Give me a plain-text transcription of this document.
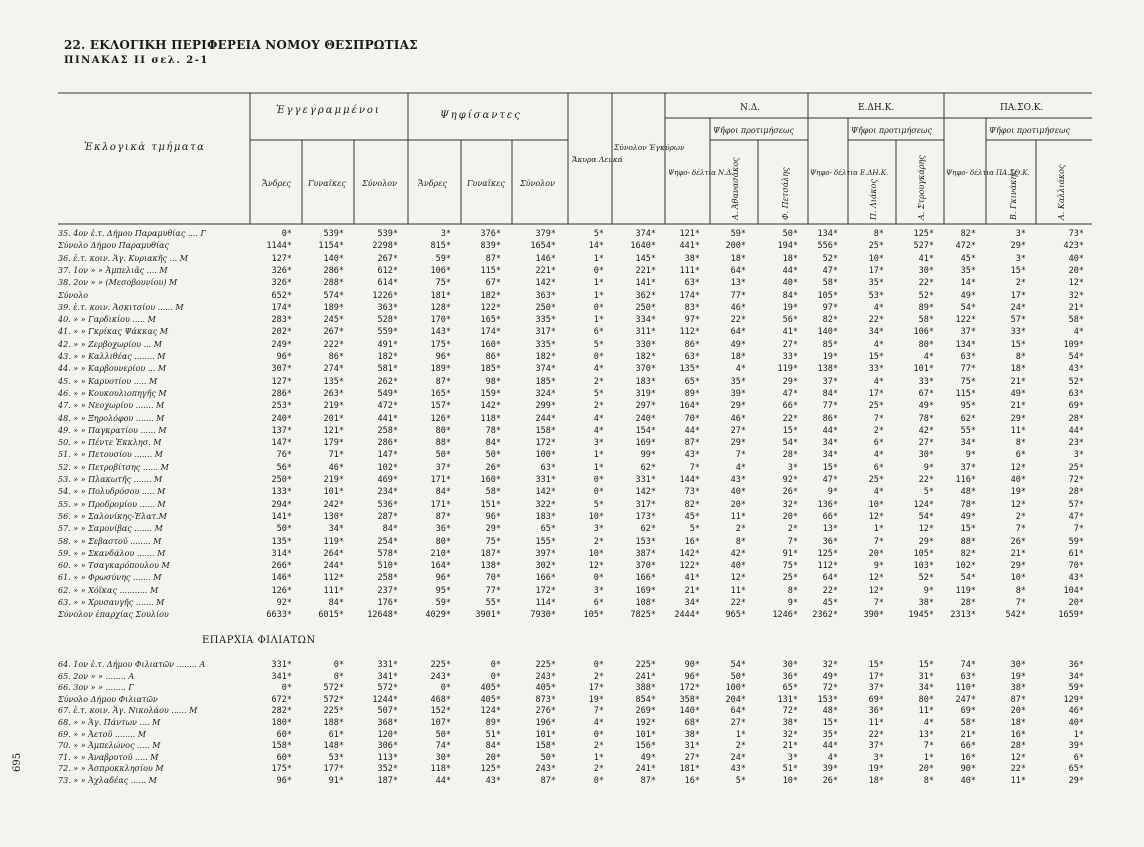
22. ΕΚΛΟΓΙΚΗ ΠΕΡΙΦΕΡΕΙΑ ΝΟΜΟΥ ΘΕΣΠΡΩΤΙΑΣ
ΠΙΝΑΚΑΣ ΙΙ σελ. 2-1
695
Ἐκλογικὰ τμήματα
Ἐγγεγραμμένοι	Ψηφίσαντες
Ἄνδρες Γυναῖκες Σύνολον	Ἄνδρες Γυναῖκες Σύνολον
Ἄκυρα Λευκά
Σύνολον Ἐγκύρων
Ν.Δ.	Ε.ΔΗ.Κ.	ΠΑ.ΣΟ.Κ.
Ψηφο- δέλτια Ν.Δ.	Ψηφο- δέλτια Ε.ΔΗ.Κ.	Ψηφο- δέλτια ΠΑ.ΣΟ.Κ.
Ψῆφοι προτιμήσεως	Ψῆφοι προτιμήσεως	Ψῆφοι προτιμήσεως
Α. Ἀθανασάκος	Φ. Πετσάλης	Π. Λιάκος	Α. Στρουγκάρης	Β. Γκινάκης	Α. Καλλιάκος
ΕΠΑΡΧΙΑ ΦΙΛΙΑΤΩΝ
35. 4ον ἐ.τ. Δήμου Παραμυθίας .... Γ	0*	539*	539*	3*	376*	379*	5*	374*	121*	59*	50*	134*	8*	125*	82*	3*	73*
Σύνολο Δήμου Παραμυθίας	1144*	1154*	2298*	815*	839*	1654*	14*	1640*	441*	200*	194*	556*	25*	527*	472*	29*	423*
36. ἐ.τ. κοιν. Ἁγ. Κυριακῆς ... Μ	127*	140*	267*	59*	87*	146*	1*	145*	38*	18*	18*	52*	10*	41*	45*	3*	40*
37. 1ον » » Ἀμπελιᾶς .... Μ	326*	286*	612*	106*	115*	221*	0*	221*	111*	64*	44*	47*	17*	30*	35*	15*	20*
38. 2ον » » (Μεσοβουνίου) Μ	326*	288*	614*	75*	67*	142*	1*	141*	63*	13*	40*	58*	35*	22*	14*	2*	12*
Σύνολο	652*	574*	1226*	181*	182*	363*	1*	362*	174*	77*	84*	105*	53*	52*	49*	17*	32*
39. ἐ.τ. κοιν. Ἀσκιτσίου ...... Μ	174*	189*	363*	128*	122*	250*	0*	250*	83*	46*	19*	97*	4*	89*	54*	24*	21*
40. » » Γαρδικίου ..... Μ	283*	245*	528*	170*	165*	335*	1*	334*	97*	22*	56*	82*	22*	58*	122*	57*	58*
41. » » Γκρίκας Ψάκκας Μ	202*	267*	559*	143*	174*	317*	6*	311*	112*	64*	41*	140*	34*	106*	37*	33*	4*
42. » » Ζερβοχωρίου ... Μ	249*	222*	491*	175*	160*	335*	5*	330*	86*	49*	27*	85*	4*	80*	134*	15*	109*
43. » » Καλλιθέας ........ Μ	96*	86*	182*	96*	86*	182*	0*	182*	63*	18*	33*	19*	15*	4*	63*	8*	54*
44. » » Καρβουνερίου ... Μ	307*	274*	581*	189*	185*	374*	4*	370*	135*	4*	119*	138*	33*	101*	77*	18*	43*
45. » » Καρυοτίου ..... Μ	127*	135*	262*	87*	98*	185*	2*	183*	65*	35*	29*	37*	4*	33*	75*	21*	52*
46. » » Κουκουλιοπηγῆς Μ	286*	263*	549*	165*	159*	324*	5*	319*	89*	39*	47*	84*	17*	67*	115*	49*	63*
47. » » Νεοχωρίου ....... Μ	253*	219*	472*	157*	142*	299*	2*	297*	164*	29*	66*	77*	25*	49*	95*	21*	69*
48. » » Ξηρολόφου ....... Μ	240*	201*	441*	126*	118*	244*	4*	240*	70*	46*	22*	86*	7*	78*	62*	29*	28*
49. » » Παγκρατίου ...... Μ	137*	121*	258*	80*	78*	158*	4*	154*	44*	27*	15*	44*	2*	42*	55*	11*	44*
50. » » Πέντε Ἐκκλησ. Μ	147*	179*	286*	88*	84*	172*	3*	169*	87*	29*	54*	34*	6*	27*	34*	8*	23*
51. » » Πετουσίου ....... Μ	76*	71*	147*	50*	50*	100*	1*	99*	43*	7*	28*	34*	4*	30*	9*	6*	3*
52. » » Πετροβίτσης ...... Μ	56*	46*	102*	37*	26*	63*	1*	62*	7*	4*	3*	15*	6*	9*	37*	12*	25*
53. » » Πλακωτῆς ....... Μ	250*	219*	469*	171*	160*	331*	0*	331*	144*	43*	92*	47*	25*	22*	116*	40*	72*
54. » » Πολυδρόσου ..... Μ	133*	101*	234*	84*	58*	142*	0*	142*	73*	40*	26*	9*	4*	5*	48*	19*	28*
55. » » Προδρομίου ...... Μ	294*	242*	536*	171*	151*	322*	5*	317*	82*	20*	32*	136*	10*	124*	78*	12*	57*
56. » » Σαλονίκης-Ἐλατ.Μ	141*	130*	287*	87*	96*	183*	10*	173*	45*	11*	20*	66*	12*	54*	49*	2*	47*
57. » » Σαμονίβας ....... Μ	50*	34*	84*	36*	29*	65*	3*	62*	5*	2*	2*	13*	1*	12*	15*	7*	7*
58. » » Σεβαστοῦ ........ Μ	135*	119*	254*	80*	75*	155*	2*	153*	16*	8*	7*	36*	7*	29*	88*	26*	59*
59. » » Σκανδάλου ....... Μ	314*	264*	578*	210*	187*	397*	10*	387*	142*	42*	91*	125*	20*	105*	82*	21*	61*
60. » » Τσαγκαρόπουλου Μ	266*	244*	510*	164*	138*	302*	12*	370*	122*	40*	75*	112*	9*	103*	102*	29*	70*
61. » » Φρωσύνης ....... Μ	146*	112*	258*	96*	70*	166*	0*	166*	41*	12*	25*	64*	12*	52*	54*	10*	43*
62. » » Χόϊκας ........... Μ	126*	111*	237*	95*	77*	172*	3*	169*	21*	11*	8*	22*	12*	9*	119*	8*	104*
63. » » Χρυσαυγῆς ....... Μ	92*	84*	176*	59*	55*	114*	6*	108*	34*	22*	9*	45*	7*	38*	28*	7*	20*
Σύνολον ἐπαρχίας Σουλίου	6633*	6015*	12648*	4029*	3901*	7930*	105*	7825*	2444*	965*	1246*	2362*	390*	1945*	2313*	542*	1659*
64. 1ον ἐ.τ. Δήμου Φιλιατῶν ........ Α	331*	0*	331*	225*	0*	225*	0*	225*	90*	54*	30*	32*	15*	15*	74*	30*	36*
65. 2ον » » ........ Α	341*	0*	341*	243*	0*	243*	2*	241*	96*	50*	36*	49*	17*	31*	63*	19*	34*
66. 3ον » » ........ Γ	0*	572*	572*	0*	405*	405*	17*	388*	172*	100*	65*	72*	37*	34*	110*	38*	59*
Σύνολο Δήμου Φιλιατῶν	672*	572*	1244*	468*	405*	873*	19*	854*	358*	204*	131*	153*	69*	80*	247*	87*	129*
67. ἐ.τ. κοιν. Ἁγ. Νικολάου ...... Μ	282*	225*	507*	152*	124*	276*	7*	269*	140*	64*	72*	48*	36*	11*	69*	20*	46*
68. » » Ἁγ. Πάντων .... Μ	180*	188*	368*	107*	89*	196*	4*	192*	68*	27*	38*	15*	11*	4*	58*	18*	40*
69. » » Ἀετοῦ ........ Μ	60*	61*	120*	50*	51*	101*	0*	101*	38*	1*	32*	35*	22*	13*	21*	16*	1*
70. » » Ἀμπελώνος ..... Μ	158*	148*	306*	74*	84*	158*	2*	156*	31*	2*	21*	44*	37*	7*	66*	28*	39*
71. » » Ἀναβρυτοῦ ..... Μ	60*	53*	113*	30*	20*	50*	1*	49*	27*	24*	3*	4*	3*	1*	16*	12*	6*
72. » » Ἀσπροκκλησίου Μ	175*	177*	352*	118*	125*	243*	2*	241*	181*	43*	51*	39*	19*	20*	90*	22*	65*
73. » » Ἀχλαδέας ...... Μ	96*	91*	187*	44*	43*	87*	0*	87*	16*	5*	10*	26*	18*	8*	40*	11*	29*
